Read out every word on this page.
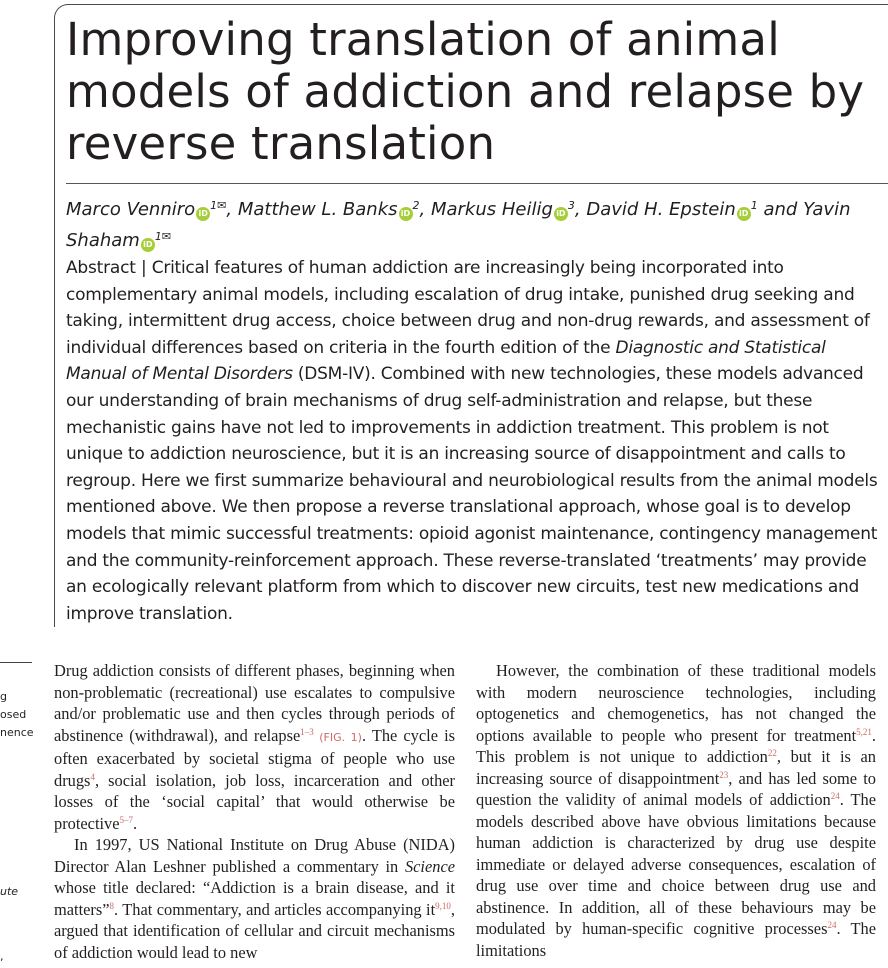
Improving translation of animal models of addiction and relapse by reverse translation
Marco Venniro iD$^{1✉}$, Matthew L. Banks iD$^2$, Markus Heilig iD$^3$, David H. Epstein iD$^1$ and Yavin Shaham iD$^{1✉}$
Abstract | Critical features of human addiction are increasingly being incorporated into complementary animal models, including escalation of drug intake, punished drug seeking and taking, intermittent drug access, choice between drug and non-drug rewards, and assessment of individual differences based on criteria in the fourth edition of the Diagnostic and Statistical Manual of Mental Disorders (DSM-IV). Combined with new technologies, these models advanced our understanding of brain mechanisms of drug self-administration and relapse, but these mechanistic gains have not led to improvements in addiction treatment. This problem is not unique to addiction neuroscience, but it is an increasing source of disappointment and calls to regroup. Here we first summarize behavioural and neurobiological results from the animal models mentioned above. We then propose a reverse translational approach, whose goal is to develop models that mimic successful treatments: opioid agonist maintenance, contingency management and the community-reinforcement approach. These reverse-translated ‘treatments’ may provide an ecologically relevant platform from which to discover new circuits, test new medications and improve translation.
g
osed
nence
ute
,

Drug addiction consists of different phases, beginning when non-problematic (recreational) use escalates to compulsive and/or problematic use and then cycles through periods of abstinence (withdrawal), and relapse$^{1-3}$ (FIG. 1). The cycle is often exacerbated by societal stigma of people who use drugs$^4$, social isolation, job loss, incarceration and other losses of the ‘social capital’ that would otherwise be protective$^{5-7}$.

In 1997, US National Institute on Drug Abuse (NIDA) Director Alan Leshner published a commentary in Science whose title declared: “Addiction is a brain disease, and it matters”$^8$. That commentary, and articles accompanying it$^{9,10}$, argued that identification of cellular and circuit mechanisms of addiction would lead to new

However, the combination of these traditional models with modern neuroscience technologies, including optogenetics and chemogenetics, has not changed the options available to people who present for treatment$^{5,21}$. This problem is not unique to addiction$^{22}$, but it is an increasing source of disappointment$^{23}$, and has led some to question the validity of animal models of addiction$^{24}$. The models described above have obvious limitations because human addiction is characterized by drug use despite immediate or delayed adverse consequences, escalation of drug use over time and choice between drug use and abstinence. In addition, all of these behaviours may be modulated by human-specific cognitive processes$^{24}$. The limitations
